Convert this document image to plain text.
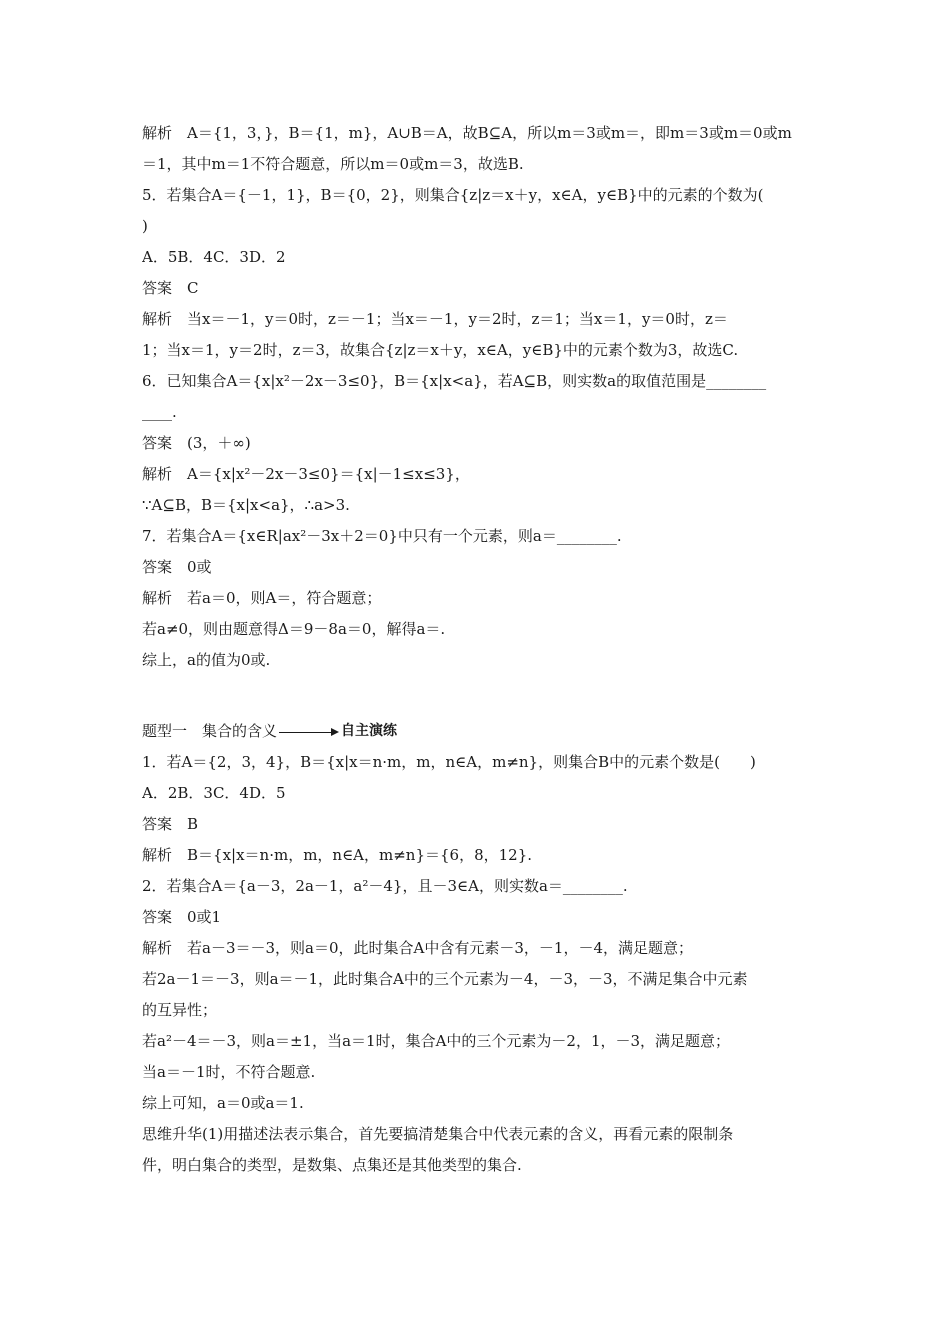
解析　A＝{1，3，}，B＝{1，m}，A∪B＝A，故B⊆A，所以m＝3或m＝，即m＝3或m＝0或m
＝1，其中m＝1不符合题意，所以m＝0或m＝3，故选B.
5．若集合A＝{－1，1}，B＝{0，2}，则集合{z|z＝x＋y，x∈A，y∈B}中的元素的个数为(
)
A．5B．4C．3D．2
答案　C
解析　当x＝－1，y＝0时，z＝－1；当x＝－1，y＝2时，z＝1；当x＝1，y＝0时，z＝
1；当x＝1，y＝2时，z＝3，故集合{z|z＝x＋y，x∈A，y∈B}中的元素个数为3，故选C.
6．已知集合A＝{x|x²－2x－3≤0}，B＝{x|x<a}，若A⊆B，则实数a的取值范围是________
____.
答案　(3，＋∞)
解析　A＝{x|x²－2x－3≤0}＝{x|－1≤x≤3}，
∵A⊆B，B＝{x|x<a}，∴a>3.
7．若集合A＝{x∈R|ax²－3x＋2＝0}中只有一个元素，则a＝________.
答案　0或
解析　若a＝0，则A＝，符合题意；
若a≠0，则由题意得Δ＝9－8a＝0，解得a＝.
综上，a的值为0或.
题型一　集合的含义	自主演练
1．若A＝{2，3，4}，B＝{x|x＝n·m，m，n∈A，m≠n}，则集合B中的元素个数是(　　)
A．2B．3C．4D．5
答案　B
解析　B＝{x|x＝n·m，m，n∈A，m≠n}＝{6，8，12}.
2．若集合A＝{a－3，2a－1，a²－4}，且－3∈A，则实数a＝________.
答案　0或1
解析　若a－3＝－3，则a＝0，此时集合A中含有元素－3，－1，－4，满足题意；
若2a－1＝－3，则a＝－1，此时集合A中的三个元素为－4，－3，－3，不满足集合中元素
的互异性；
若a²－4＝－3，则a＝±1，当a＝1时，集合A中的三个元素为－2，1，－3，满足题意；
当a＝－1时，不符合题意.
综上可知，a＝0或a＝1.
思维升华(1)用描述法表示集合，首先要搞清楚集合中代表元素的含义，再看元素的限制条
件，明白集合的类型，是数集、点集还是其他类型的集合.
